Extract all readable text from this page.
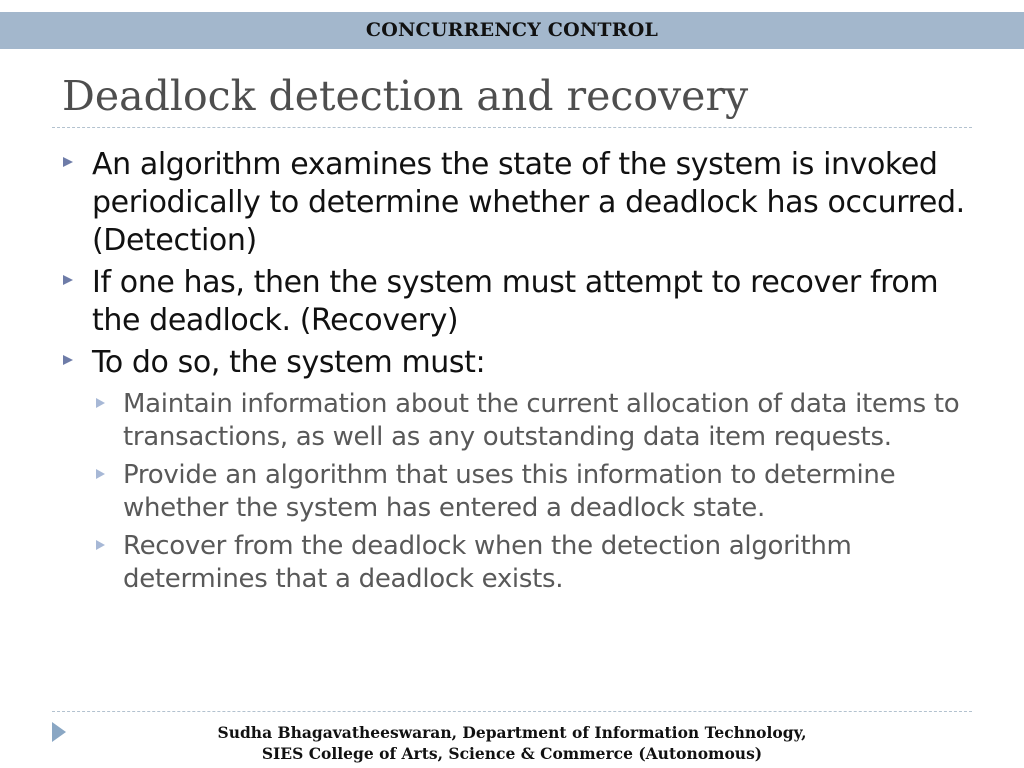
CONCURRENCY CONTROL
Deadlock detection and recovery
An algorithm examines the state of the system is invoked periodically to determine whether a deadlock has occurred. (Detection)
If one has, then the system must attempt to recover from the deadlock. (Recovery)
To do so, the system must:
Maintain information about the current allocation of data items to transactions, as well as any outstanding data item requests.
Provide an algorithm that uses this information to determine whether the system has entered a deadlock state.
Recover from the deadlock when the detection algorithm determines that a deadlock exists.
Sudha Bhagavatheeswaran, Department of Information Technology,
SIES College of Arts, Science & Commerce (Autonomous)
